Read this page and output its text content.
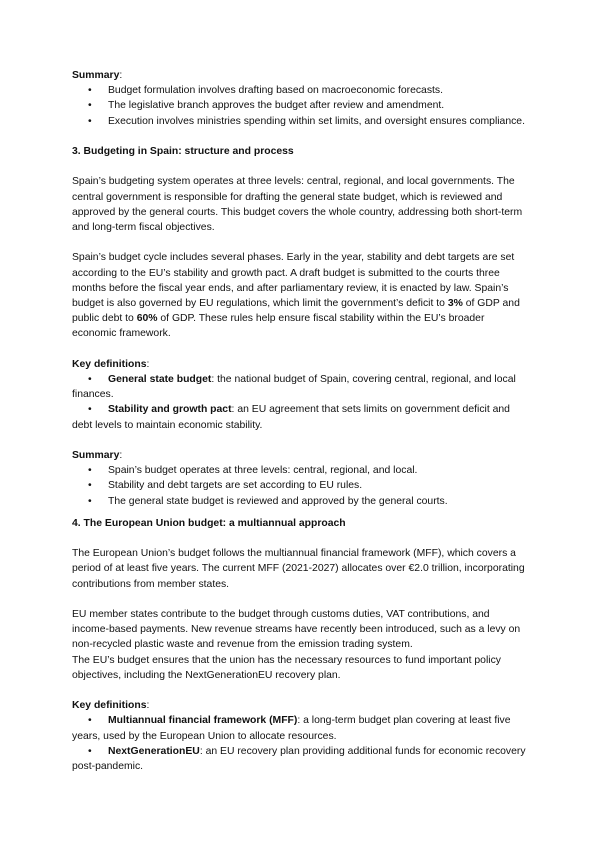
Summary:

• Budget formulation involves drafting based on macroeconomic forecasts.
• The legislative branch approves the budget after review and amendment.
• Execution involves ministries spending within set limits, and oversight ensures compliance.

3. Budgeting in Spain: structure and process

Spain’s budgeting system operates at three levels: central, regional, and local governments. The central government is responsible for drafting the general state budget, which is reviewed and approved by the general courts. This budget covers the whole country, addressing both short-term and long-term fiscal objectives.

Spain’s budget cycle includes several phases. Early in the year, stability and debt targets are set according to the EU’s stability and growth pact. A draft budget is submitted to the courts three months before the fiscal year ends, and after parliamentary review, it is enacted by law. Spain’s budget is also governed by EU regulations, which limit the government’s deficit to 3% of GDP and public debt to 60% of GDP. These rules help ensure fiscal stability within the EU’s broader economic framework.

Key definitions:

• General state budget: the national budget of Spain, covering central, regional, and local finances.
• Stability and growth pact: an EU agreement that sets limits on government deficit and debt levels to maintain economic stability.

Summary:

• Spain’s budget operates at three levels: central, regional, and local.
• Stability and debt targets are set according to EU rules.
• The general state budget is reviewed and approved by the general courts.

4. The European Union budget: a multiannual approach

The European Union’s budget follows the multiannual financial framework (MFF), which covers a period of at least five years. The current MFF (2021-2027) allocates over €2.0 trillion, incorporating contributions from member states.

EU member states contribute to the budget through customs duties, VAT contributions, and income-based payments. New revenue streams have recently been introduced, such as a levy on non-recycled plastic waste and revenue from the emission trading system.

The EU’s budget ensures that the union has the necessary resources to fund important policy objectives, including the NextGenerationEU recovery plan.

Key definitions:

• Multiannual financial framework (MFF): a long-term budget plan covering at least five years, used by the European Union to allocate resources.
• NextGenerationEU: an EU recovery plan providing additional funds for economic recovery post-pandemic.
